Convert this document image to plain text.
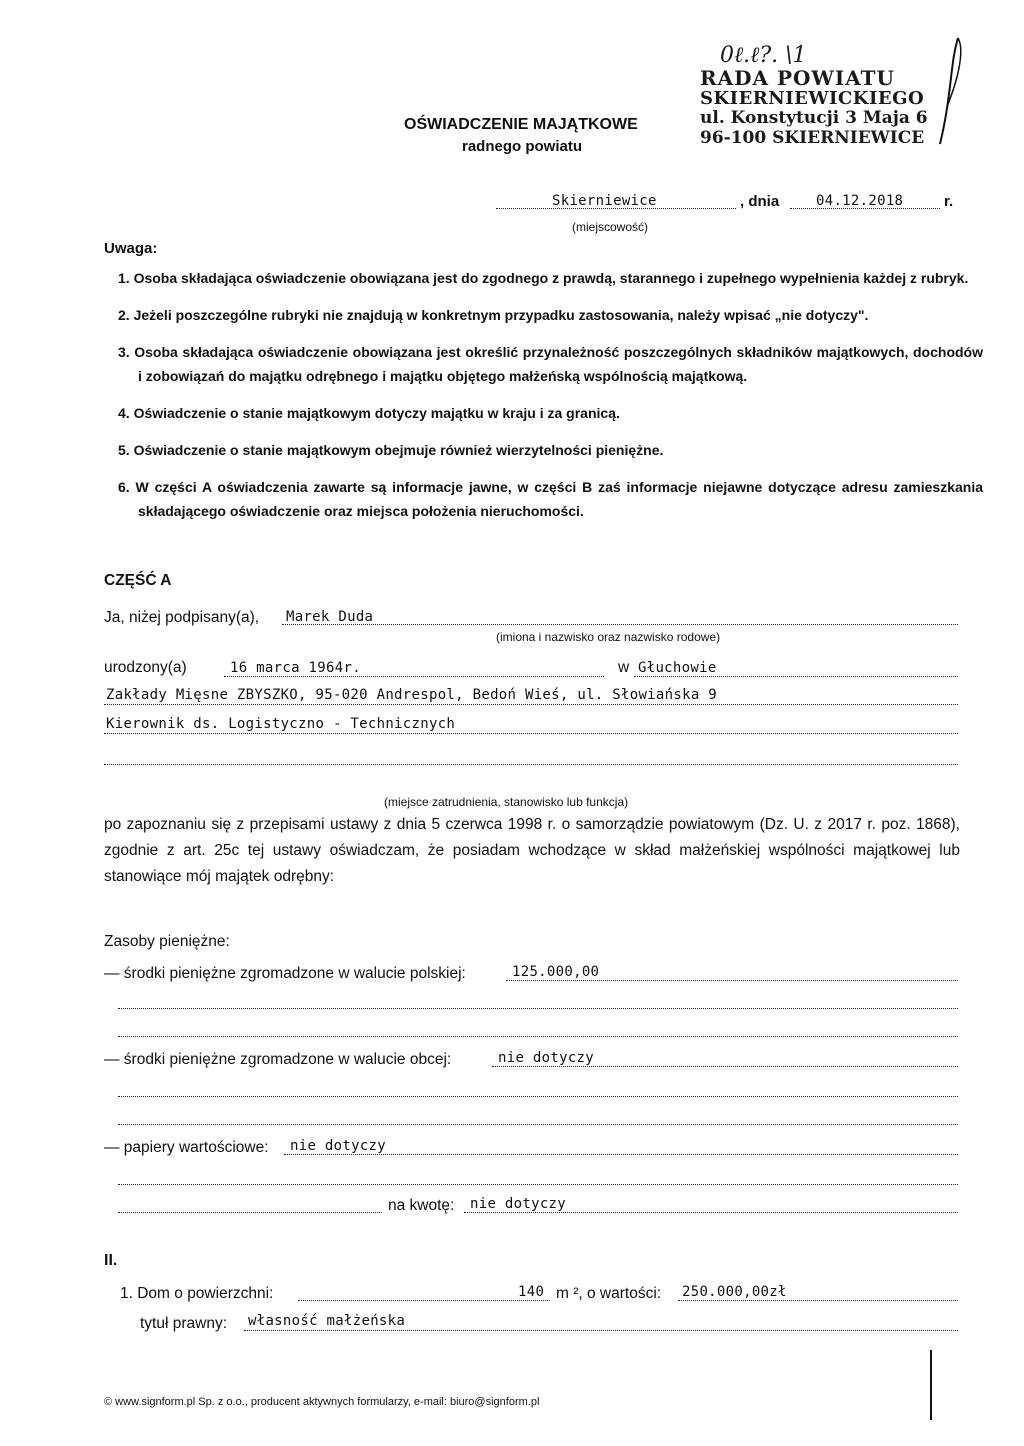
OŚWIADCZENIE MAJĄTKOWE
radnego powiatu
0ℓ.ℓ?. \1
RADA POWIATU
SKIERNIEWICKIEGO
ul. Konstytucji 3 Maja 6
96-100 SKIERNIEWICE
Skierniewice	, dnia	04.12.2018	r.
(miejscowość)
Uwaga:
1. Osoba składająca oświadczenie obowiązana jest do zgodnego z prawdą, starannego i zupełnego wypełnienia każdej z rubryk.
2. Jeżeli poszczególne rubryki nie znajdują w konkretnym przypadku zastosowania, należy wpisać „nie dotyczy".
3. Osoba składająca oświadczenie obowiązana jest określić przynależność poszczególnych składników majątkowych, dochodów i zobowiązań do majątku odrębnego i majątku objętego małżeńską wspólnością majątkową.
4. Oświadczenie o stanie majątkowym dotyczy majątku w kraju i za granicą.
5. Oświadczenie o stanie majątkowym obejmuje również wierzytelności pieniężne.
6. W części A oświadczenia zawarte są informacje jawne, w części B zaś informacje niejawne dotyczące adresu zamieszkania składającego oświadczenie oraz miejsca położenia nieruchomości.
CZĘŚĆ A
Ja, niżej podpisany(a), Marek Duda
(imiona i nazwisko oraz nazwisko rodowe)
urodzony(a)	16 marca 1964r.	w Głuchowie
Zakłady Mięsne ZBYSZKO, 95-020 Andrespol, Bedoń Wieś, ul. Słowiańska 9
Kierownik ds. Logistyczno - Technicznych
(miejsce zatrudnienia, stanowisko lub funkcja)
po zapoznaniu się z przepisami ustawy z dnia 5 czerwca 1998 r. o samorządzie powiatowym (Dz. U. z 2017 r. poz. 1868), zgodnie z art. 25c tej ustawy oświadczam, że posiadam wchodzące w skład małżeńskiej wspólności majątkowej lub stanowiące mój majątek odrębny:
Zasoby pieniężne:
— środki pieniężne zgromadzone w walucie polskiej:	125.000,00
— środki pieniężne zgromadzone w walucie obcej:	nie dotyczy
— papiery wartościowe: nie dotyczy
na kwotę: nie dotyczy
II.
1. Dom o powierzchni:	140 m ², o wartości: 250.000,00zł
tytuł prawny: własność małżeńska
© www.signform.pl Sp. z o.o., producent aktywnych formularzy, e-mail: biuro@signform.pl
